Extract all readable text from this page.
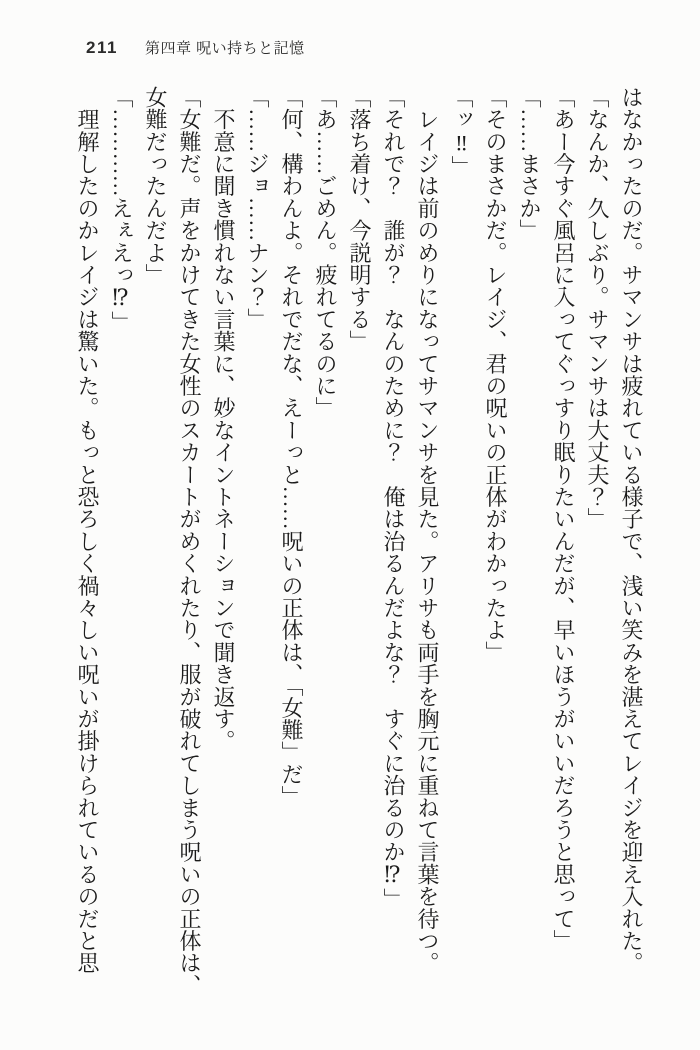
211 第四章 呪い持ちと記憶

はなかったのだ。サマンサは疲れている様子で、浅い笑みを湛えてレイジを迎え入れた。

「なんか、久しぶり。サマンサは大丈夫？」

「あー今すぐ風呂に入ってぐっすり眠りたいんだが、早いほうがいいだろうと思って」

「……まさか」

「そのまさかだ。レイジ、君の呪いの正体がわかったよ」

「ッ‼」

　レイジは前のめりになってサマンサを見た。アリサも両手を胸元に重ねて言葉を待つ。

「それで？　誰が？　なんのために？　俺は治るんだよな？　すぐに治るのか⁉」

「落ち着け、今説明する」

「あ……ごめん。疲れてるのに」

「何、構わんよ。それでだな、えーっと……呪いの正体は、「女難」だ」

「……ジョ……ナン？」

　不意に聞き慣れない言葉に、妙なイントネーションで聞き返す。

「女難だ。声をかけてきた女性のスカートがめくれたり、服が破れてしまう呪いの正体は、

女難だったんだよ」

「…………えぇえっ⁉」

　理解したのかレイジは驚いた。もっと恐ろしく禍々しい呪いが掛けられているのだと思
